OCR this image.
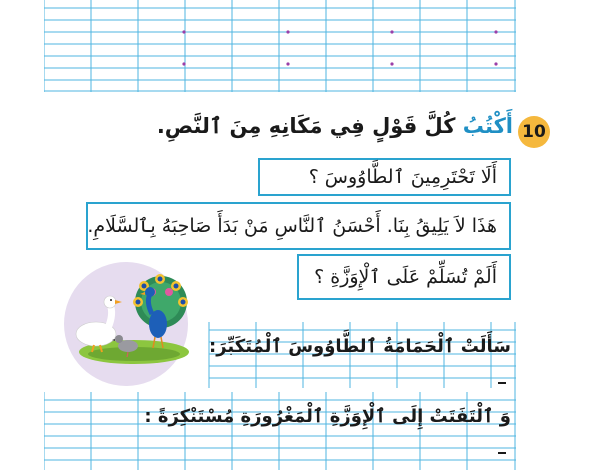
10
أَكْتُبُ كُلَّ قَوْلٍ فِي مَكَانِهِ مِنَ ٱلنَّصِ.
أَلَا تَحْتَرِمِينَ ٱلطَّاوُوسَ ؟
هَذَا لاَ يَلِيقُ بِنَا. أَحْسَنُ ٱلنَّاسِ مَنْ بَدَأَ صَاحِبَهُ بِٱلسَّلَامِ.
أَلَمْ تُسَلِّمْ عَلَى ٱلْإِوَزَّةِ ؟
سَأَلَتْ ٱلْحَمَامَةُ ٱلطَّاوُوسَ ٱلْمُتَكَبِّرَ:
وَ ٱلْتَفَتَتْ إِلَى ٱلْإِوَزَّةِ ٱلْمَغْرُورَةِ مُسْتَنْكِرَةً :
